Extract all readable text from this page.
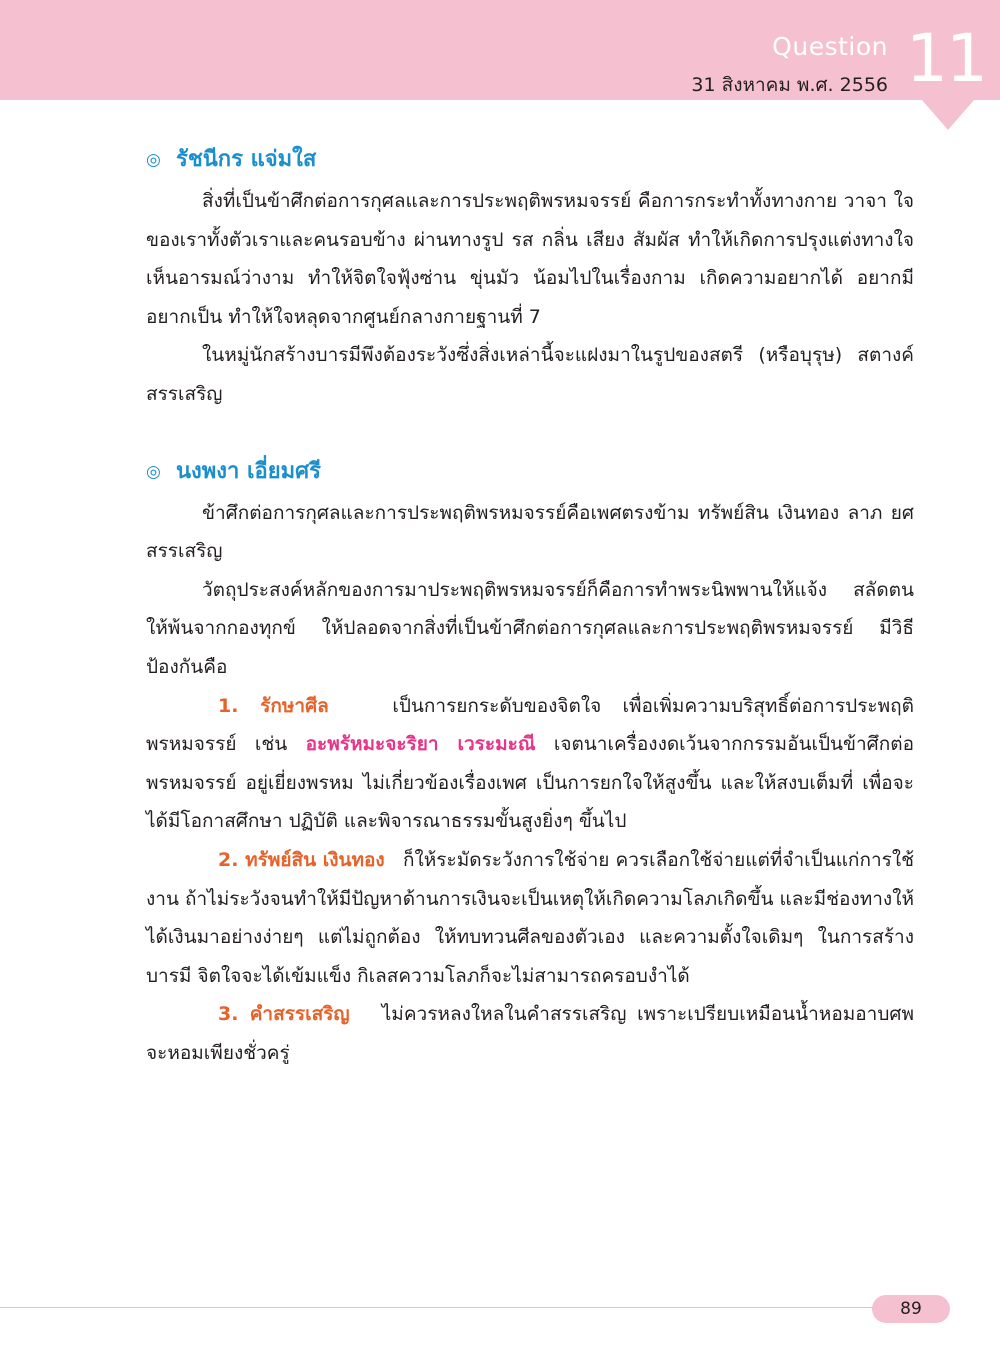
Question
31 สิงหาคม พ.ศ. 2556 11
◎ รัชนีกร แจ่มใส

สิ่งที่เป็นข้าศึกต่อการกุศลและการประพฤติพรหมจรรย์ คือการกระทำทั้งทางกาย วาจา ใจของเราทั้งตัวเราและคนรอบข้าง ผ่านทางรูป รส กลิ่น เสียง สัมผัส ทำให้เกิดการปรุงแต่งทางใจ เห็นอารมณ์ว่างาม ทำให้จิตใจฟุ้งซ่าน ขุ่นมัว น้อมไปในเรื่องกาม เกิดความอยากได้ อยากมี อยากเป็น ทำให้ใจหลุดจากศูนย์กลางกายฐานที่ 7

ในหมู่นักสร้างบารมีพึงต้องระวังซึ่งสิ่งเหล่านี้จะแฝงมาในรูปของสตรี (หรือบุรุษ) สตางค์ สรรเสริญ

◎ นงพงา เอี่ยมศรี

ข้าศึกต่อการกุศลและการประพฤติพรหมจรรย์คือเพศตรงข้าม ทรัพย์สิน เงินทอง ลาภ ยศ สรรเสริญ

วัตถุประสงค์หลักของการมาประพฤติพรหมจรรย์ก็คือการทำพระนิพพานให้แจ้ง สลัดตนให้พ้นจากกองทุกข์ ให้ปลอดจากสิ่งที่เป็นข้าศึกต่อการกุศลและการประพฤติพรหมจรรย์ มีวิธีป้องกันคือ

1. รักษาศีล	เป็นการยกระดับของจิตใจ เพื่อเพิ่มความบริสุทธิ์ต่อการประพฤติพรหมจรรย์ เช่น อะพรัหมะจะริยา เวระมะณี เจตนาเครื่องงดเว้นจากกรรมอันเป็นข้าศึกต่อพรหมจรรย์ อยู่เยี่ยงพรหม ไม่เกี่ยวข้องเรื่องเพศ เป็นการยกใจให้สูงขึ้น และให้สงบเต็มที่ เพื่อจะได้มีโอกาสศึกษา ปฏิบัติ และพิจารณาธรรมขั้นสูงยิ่งๆ ขึ้นไป

2. ทรัพย์สิน เงินทอง ก็ให้ระมัดระวังการใช้จ่าย ควรเลือกใช้จ่ายแต่ที่จำเป็นแก่การใช้งาน ถ้าไม่ระวังจนทำให้มีปัญหาด้านการเงินจะเป็นเหตุให้เกิดความโลภเกิดขึ้น และมีช่องทางให้ได้เงินมาอย่างง่ายๆ แต่ไม่ถูกต้อง ให้ทบทวนศีลของตัวเอง และความตั้งใจเดิมๆ ในการสร้างบารมี จิตใจจะได้เข้มแข็ง กิเลสความโลภก็จะไม่สามารถครอบงำได้

3. คำสรรเสริญ ไม่ควรหลงใหลในคำสรรเสริญ เพราะเปรียบเหมือนน้ำหอมอาบศพ จะหอมเพียงชั่วครู่

89
